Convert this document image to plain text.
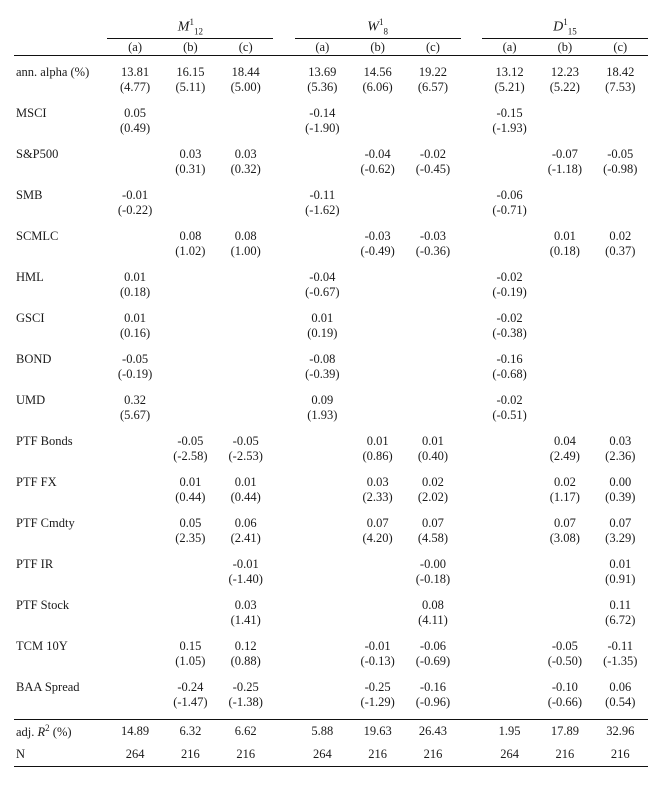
	$M^1_{12}$				$W^1_8$				$D^1_{15}$
	(a)	(b)	(c)		(a)	(b)	(c)		(a)	(b)	(c)
ann. alpha (%)	13.81	16.15	18.44		13.69	14.56	19.22		13.12	12.23	18.42
	(4.77)	(5.11)	(5.00)		(5.36)	(6.06)	(6.57)		(5.21)	(5.22)	(7.53)

MSCI	0.05				-0.14				-0.15		
	(0.49)				(-1.90)				(-1.93)		

S&P500		0.03	0.03			-0.04	-0.02			-0.07	-0.05
		(0.31)	(0.32)			(-0.62)	(-0.45)			(-1.18)	(-0.98)

SMB	-0.01				-0.11				-0.06		
	(-0.22)				(-1.62)				(-0.71)		

SCMLC		0.08	0.08			-0.03	-0.03			0.01	0.02
		(1.02)	(1.00)			(-0.49)	(-0.36)			(0.18)	(0.37)

HML	0.01				-0.04				-0.02		
	(0.18)				(-0.67)				(-0.19)		

GSCI	0.01				0.01				-0.02		
	(0.16)				(0.19)				(-0.38)		

BOND	-0.05				-0.08				-0.16		
	(-0.19)				(-0.39)				(-0.68)		

UMD	0.32				0.09				-0.02		
	(5.67)				(1.93)				(-0.51)		

PTF Bonds		-0.05	-0.05			0.01	0.01			0.04	0.03
		(-2.58)	(-2.53)			(0.86)	(0.40)			(2.49)	(2.36)

PTF FX		0.01	0.01			0.03	0.02			0.02	0.00
		(0.44)	(0.44)			(2.33)	(2.02)			(1.17)	(0.39)

PTF Cmdty		0.05	0.06			0.07	0.07			0.07	0.07
		(2.35)	(2.41)			(4.20)	(4.58)			(3.08)	(3.29)

PTF IR			-0.01				-0.00				0.01
			(-1.40)				(-0.18)				(0.91)

PTF Stock			0.03				0.08				0.11
			(1.41)				(4.11)				(6.72)

TCM 10Y		0.15	0.12			-0.01	-0.06			-0.05	-0.11
		(1.05)	(0.88)			(-0.13)	(-0.69)			(-0.50)	(-1.35)

BAA Spread		-0.24	-0.25			-0.25	-0.16			-0.10	0.06
		(-1.47)	(-1.38)			(-1.29)	(-0.96)			(-0.66)	(0.54)

adj. $R^2$ (%)	14.89	6.32	6.62		5.88	19.63	26.43		1.95	17.89	32.96
N	264	216	216		264	216	216		264	216	216
